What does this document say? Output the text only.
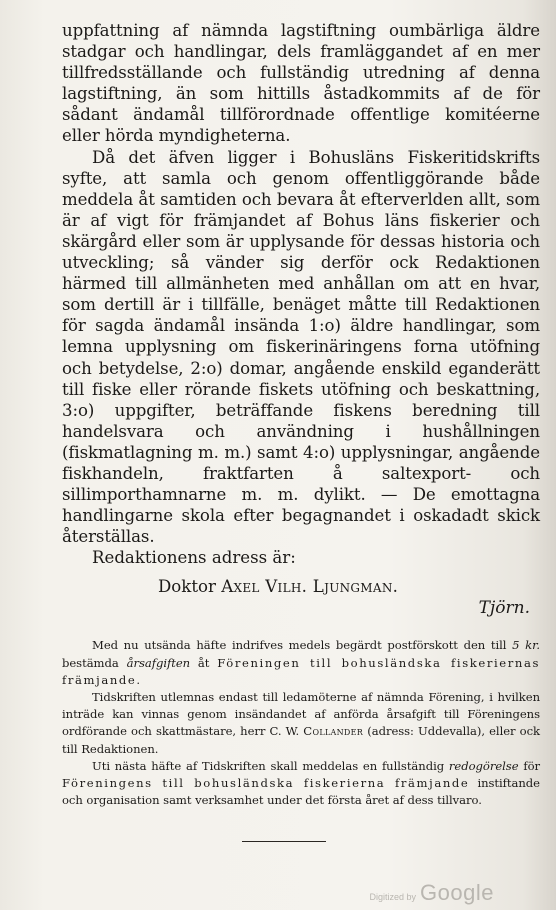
uppfattning af nämnda lagstiftning oumbärliga äldre stadgar och handlingar, dels framläggandet af en mer tillfredsställande och fullständig utredning af denna lagstiftning, än som hittills åstadkommits af de för sådant ändamål tillförordnade offentlige komitéerne eller hörda myndigheterna.

Då det äfven ligger i Bohusläns Fiskeritidskrifts syfte, att samla och genom offentliggörande både meddela åt samtiden och bevara åt efterverlden allt, som är af vigt för främjandet af Bohus läns fiskerier och skärgård eller som är upplysande för dessas historia och utveckling; så vänder sig derför ock Redaktionen härmed till allmänheten med anhållan om att en hvar, som dertill är i tillfälle, benäget måtte till Redaktionen för sagda ändamål insända 1:o) äldre handlingar, som lemna upplysning om fiskerinäringens forna utöfning och betydelse, 2:o) domar, angående enskild eganderätt till fiske eller rörande fiskets utöfning och beskattning, 3:o) uppgifter, beträffande fiskens beredning till handelsvara och användning i hushållningen (fiskmatlagning m. m.) samt 4:o) upplysningar, angående fiskhandeln, fraktfarten å saltexport- och sillimporthamnarne m. m. dylikt. — De emottagna handlingarne skola efter begagnandet i oskadadt skick återställas.

Redaktionens adress är:

Doktor Axel Vilh. Ljungman.

Tjörn.

Med nu utsända häfte indrifves medels begärdt postförskott den till 5 kr. bestämda årsafgiften åt Föreningen till bohusländska fiskeriernas främjande.

Tidskriften utlemnas endast till ledamöterne af nämnda Förening, i hvilken inträde kan vinnas genom insändandet af anförda årsafgift till Föreningens ordförande och skattmästare, herr C. W. Collander (adress: Uddevalla), eller ock till Redaktionen.

Uti nästa häfte af Tidskriften skall meddelas en fullständig redogörelse för Föreningens till bohusländska fiskerierna främjande instiftande och organisation samt verksamhet under det första året af dess tillvaro.

Digitized by Google
